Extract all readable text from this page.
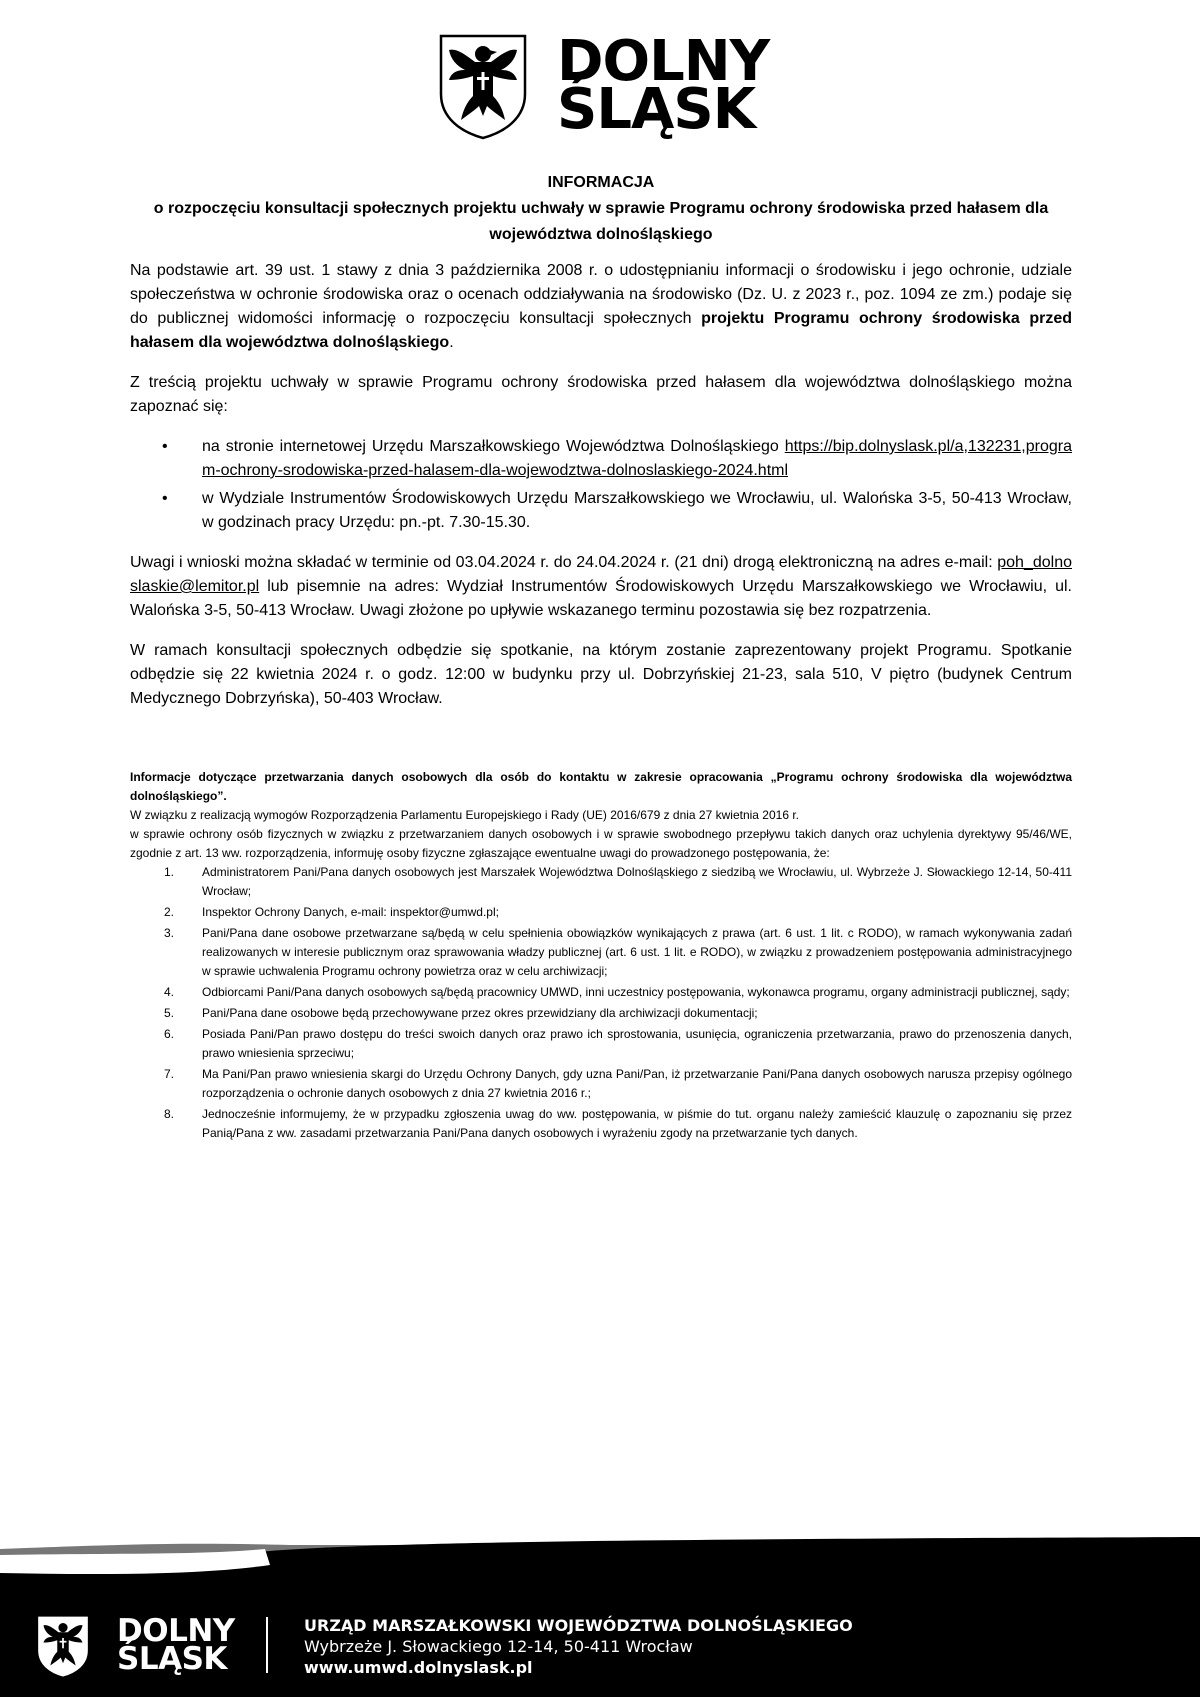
DOLNY
ŚLĄSK
INFORMACJA
o rozpoczęciu konsultacji społecznych projektu uchwały w sprawie Programu ochrony środowiska przed hałasem dla
województwa dolnośląskiego

Na podstawie art. 39 ust. 1 stawy z dnia 3 października 2008 r. o udostępnianiu informacji o środowisku i jego ochronie, udziale społeczeństwa w ochronie środowiska oraz o ocenach oddziaływania na środowisko (Dz. U. z 2023 r., poz. 1094 ze zm.) podaje się do publicznej widomości informację o rozpoczęciu konsultacji społecznych projektu Programu ochrony środowiska przed hałasem dla województwa dolnośląskiego.

Z treścią projektu uchwały w sprawie Programu ochrony środowiska przed hałasem dla województwa dolnośląskiego można zapoznać się:

• na stronie internetowej Urzędu Marszałkowskiego Województwa Dolnośląskiego https://bip.dolnyslask.pl/a,132231,program-ochrony-srodowiska-przed-halasem-dla-wojewodztwa-dolnoslaskiego-2024.html
• w Wydziale Instrumentów Środowiskowych Urzędu Marszałkowskiego we Wrocławiu, ul. Walońska 3-5, 50-413 Wrocław, w godzinach pracy Urzędu: pn.-pt. 7.30-15.30.

Uwagi i wnioski można składać w terminie od 03.04.2024 r. do 24.04.2024 r. (21 dni) drogą elektroniczną na adres e-mail: poh_dolnoslaskie@lemitor.pl lub pisemnie na adres: Wydział Instrumentów Środowiskowych Urzędu Marszałkowskiego we Wrocławiu, ul. Walońska 3-5, 50-413 Wrocław. Uwagi złożone po upływie wskazanego terminu pozostawia się bez rozpatrzenia.

W ramach konsultacji społecznych odbędzie się spotkanie, na którym zostanie zaprezentowany projekt Programu. Spotkanie odbędzie się 22 kwietnia 2024 r. o godz. 12:00 w budynku przy ul. Dobrzyńskiej 21-23, sala 510, V piętro (budynek Centrum Medycznego Dobrzyńska), 50-403 Wrocław.

Informacje dotyczące przetwarzania danych osobowych dla osób do kontaktu w zakresie opracowania „Programu ochrony środowiska dla województwa dolnośląskiego”.

W związku z realizacją wymogów Rozporządzenia Parlamentu Europejskiego i Rady (UE) 2016/679 z dnia 27 kwietnia 2016 r.

w sprawie ochrony osób fizycznych w związku z przetwarzaniem danych osobowych i w sprawie swobodnego przepływu takich danych oraz uchylenia dyrektywy 95/46/WE, zgodnie z art. 13 ww. rozporządzenia, informuję osoby fizyczne zgłaszające ewentualne uwagi do prowadzonego postępowania, że:

1. Administratorem Pani/Pana danych osobowych jest Marszałek Województwa Dolnośląskiego z siedzibą we Wrocławiu, ul. Wybrzeże J. Słowackiego 12-14, 50-411 Wrocław;
2. Inspektor Ochrony Danych, e-mail: inspektor@umwd.pl;
3. Pani/Pana dane osobowe przetwarzane są/będą w celu spełnienia obowiązków wynikających z prawa (art. 6 ust. 1 lit. c RODO), w ramach wykonywania zadań realizowanych w interesie publicznym oraz sprawowania władzy publicznej (art. 6 ust. 1 lit. e RODO), w związku z prowadzeniem postępowania administracyjnego w sprawie uchwalenia Programu ochrony powietrza oraz w celu archiwizacji;
4. Odbiorcami Pani/Pana danych osobowych są/będą pracownicy UMWD, inni uczestnicy postępowania, wykonawca programu, organy administracji publicznej, sądy;
5. Pani/Pana dane osobowe będą przechowywane przez okres przewidziany dla archiwizacji dokumentacji;
6. Posiada Pani/Pan prawo dostępu do treści swoich danych oraz prawo ich sprostowania, usunięcia, ograniczenia przetwarzania, prawo do przenoszenia danych, prawo wniesienia sprzeciwu;
7. Ma Pani/Pan prawo wniesienia skargi do Urzędu Ochrony Danych, gdy uzna Pani/Pan, iż przetwarzanie Pani/Pana danych osobowych narusza przepisy ogólnego rozporządzenia o ochronie danych osobowych z dnia 27 kwietnia 2016 r.;
8. Jednocześnie informujemy, że w przypadku zgłoszenia uwag do ww. postępowania, w piśmie do tut. organu należy zamieścić klauzulę o zapoznaniu się przez Panią/Pana z ww. zasadami przetwarzania Pani/Pana danych osobowych i wyrażeniu zgody na przetwarzanie tych danych.
DOLNY
ŚLĄSK
URZĄD MARSZAŁKOWSKI WOJEWÓDZTWA DOLNOŚLĄSKIEGO
Wybrzeże J. Słowackiego 12-14, 50-411 Wrocław
www.umwd.dolnyslask.pl
